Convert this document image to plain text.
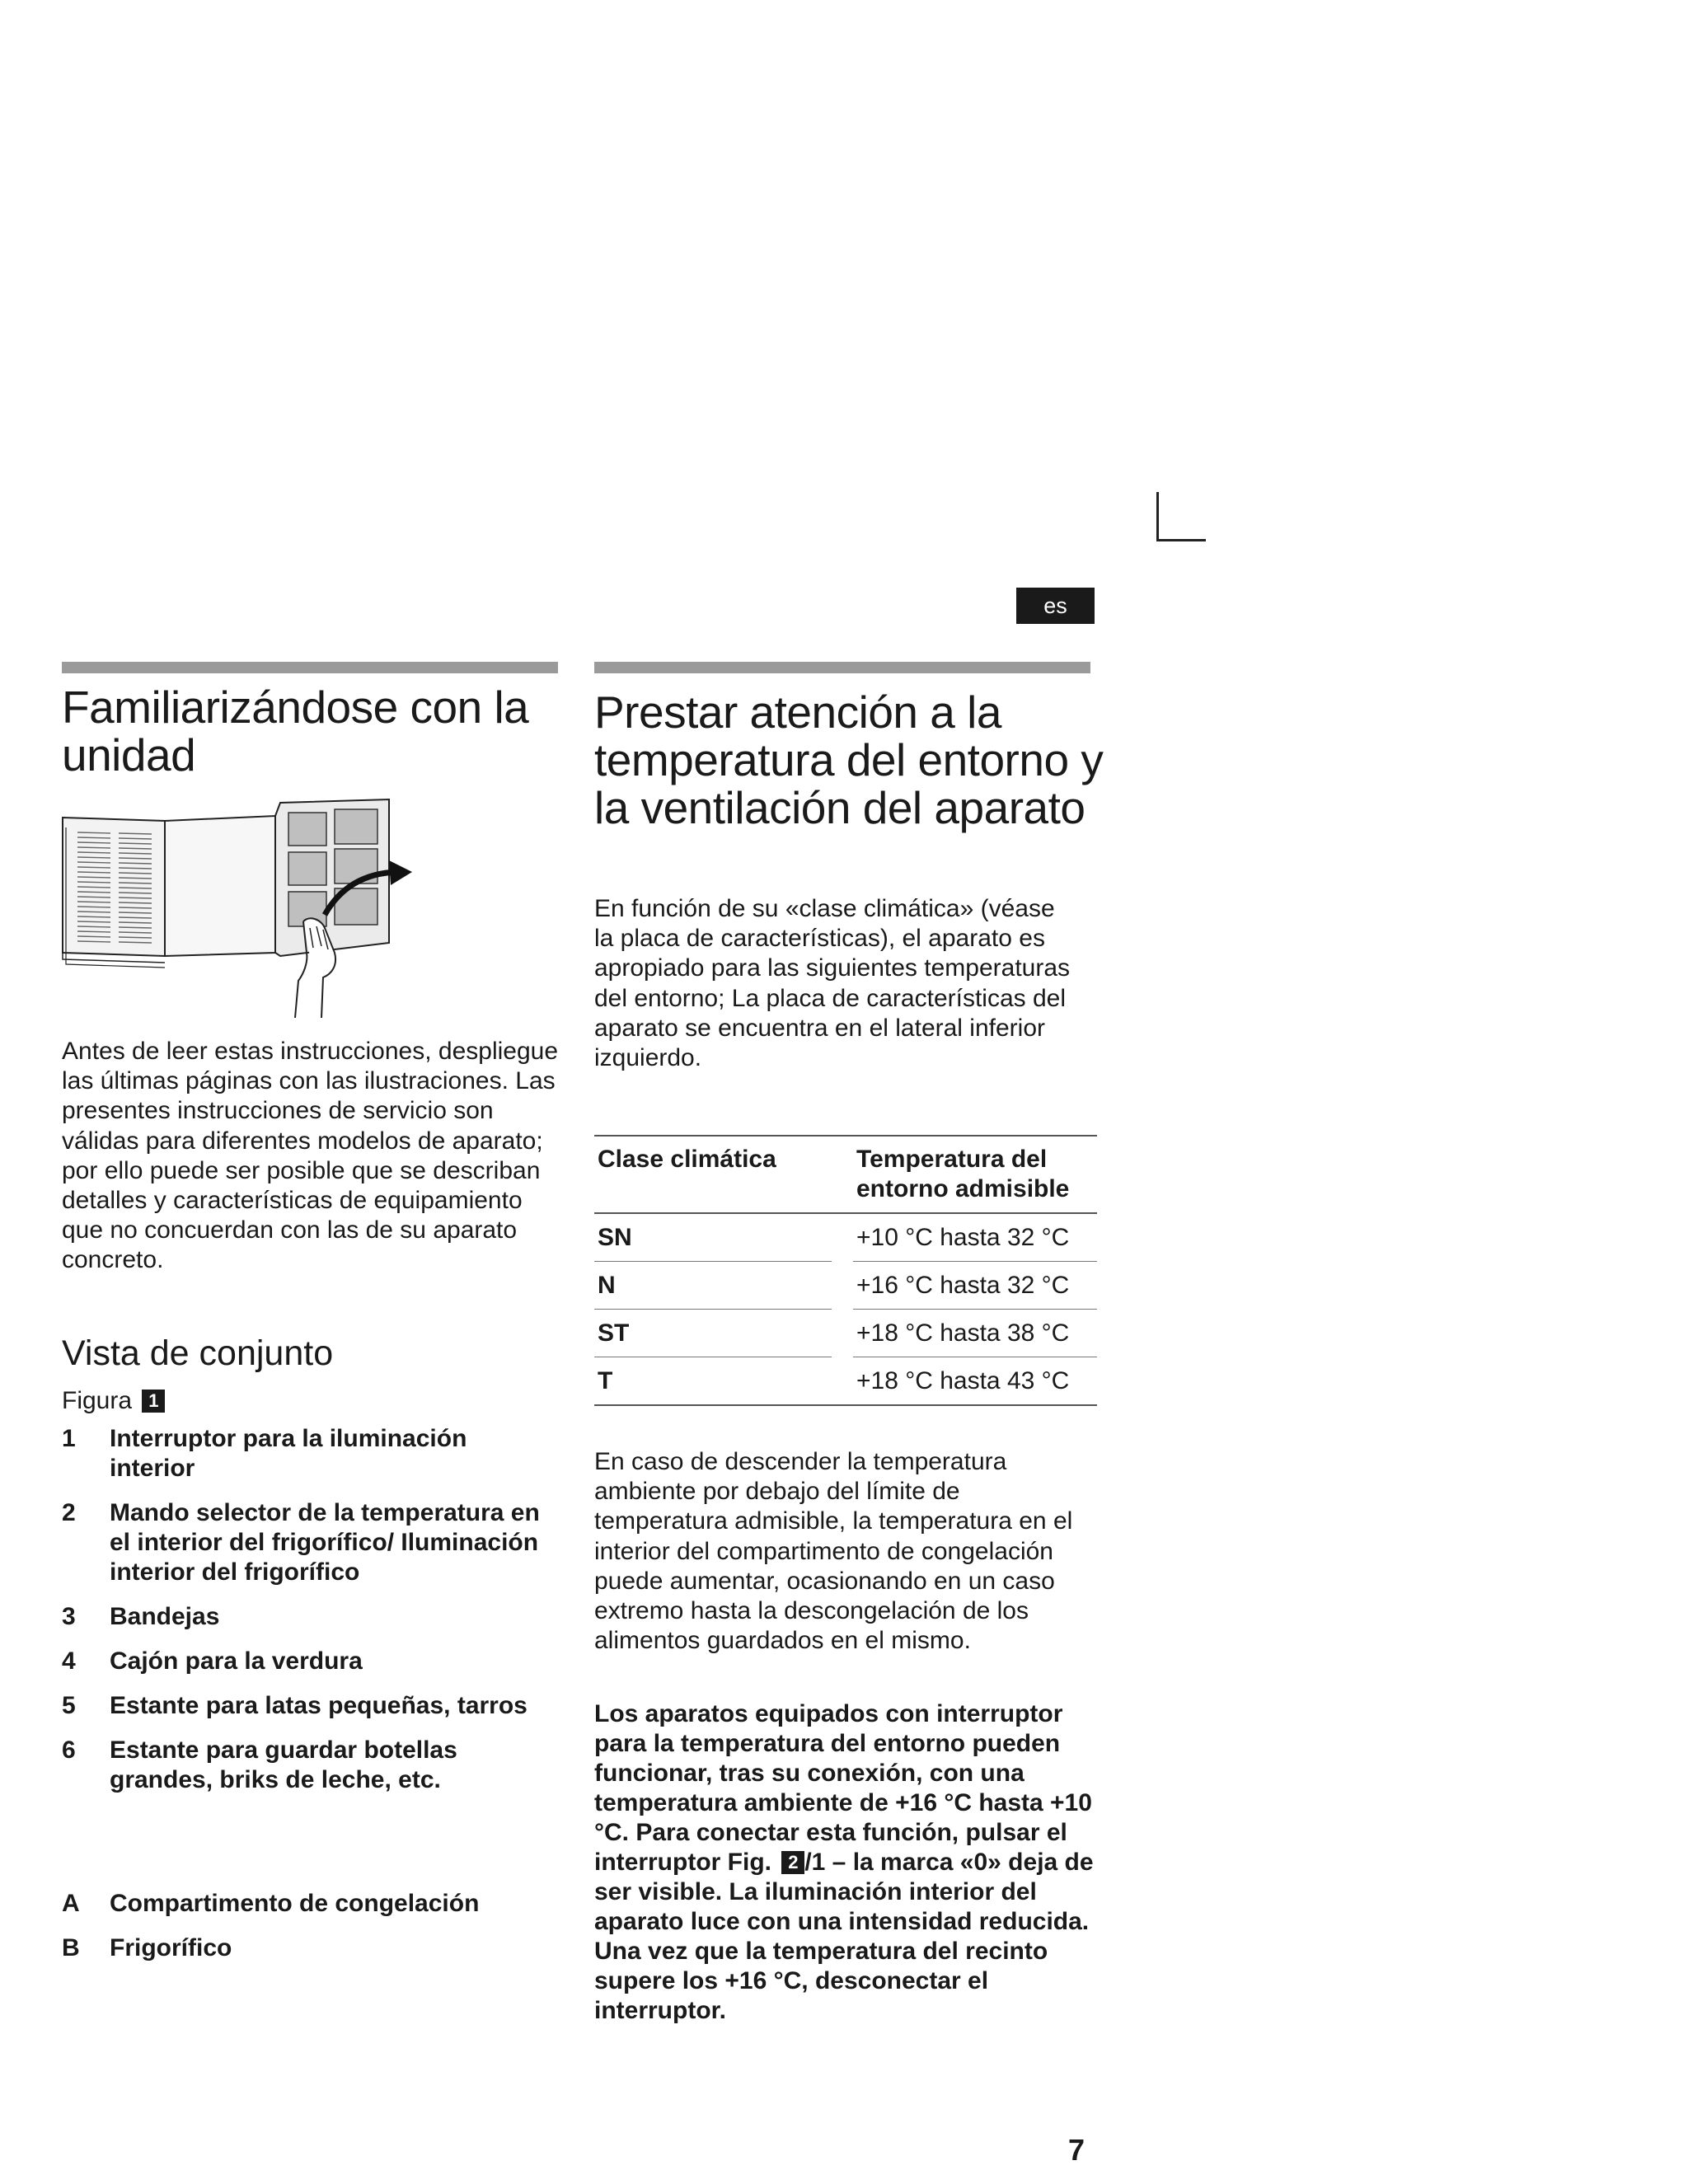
es
Familiarizándose con la unidad

Antes de leer estas instrucciones, despliegue las últimas páginas con las ilustraciones. Las presentes instrucciones de servicio son válidas para diferentes modelos de aparato; por ello puede ser posible que se describan detalles y características de equipamiento que no concuerdan con las de su aparato concreto.

Vista de conjunto
Figura 1
1	Interruptor para la iluminación interior
2	Mando selector de la temperatura en el interior del frigorífico/ Iluminación interior del frigorífico
3	Bandejas
4	Cajón para la verdura
5	Estante para latas pequeñas, tarros
6	Estante para guardar botellas grandes, briks de leche, etc.
A	Compartimento de congelación
B	Frigorífico
Prestar atención a la temperatura del entorno y la ventilación del aparato

En función de su «clase climática» (véase la placa de características), el aparato es apropiado para las siguientes temperaturas del entorno; La placa de características del aparato se encuentra en el lateral inferior izquierdo.

Clase climática		Temperatura del entorno admisible
SN		+10 °C hasta 32 °C
N		+16 °C hasta 32 °C
ST		+18 °C hasta 38 °C
T		+18 °C hasta 43 °C

En caso de descender la temperatura ambiente por debajo del límite de temperatura admisible, la temperatura en el interior del compartimento de congelación puede aumentar, ocasionando en un caso extremo hasta la descongelación de los alimentos guardados en el mismo.

Los aparatos equipados con interruptor para la temperatura del entorno pueden funcionar, tras su conexión, con una temperatura ambiente de +16 °C hasta +10 °C. Para conectar esta función, pulsar el interruptor Fig. 2 /1 – la marca «0» deja de ser visible. La iluminación interior del aparato luce con una intensidad reducida. Una vez que la temperatura del recinto supere los +16 °C, desconectar el interruptor.

7
